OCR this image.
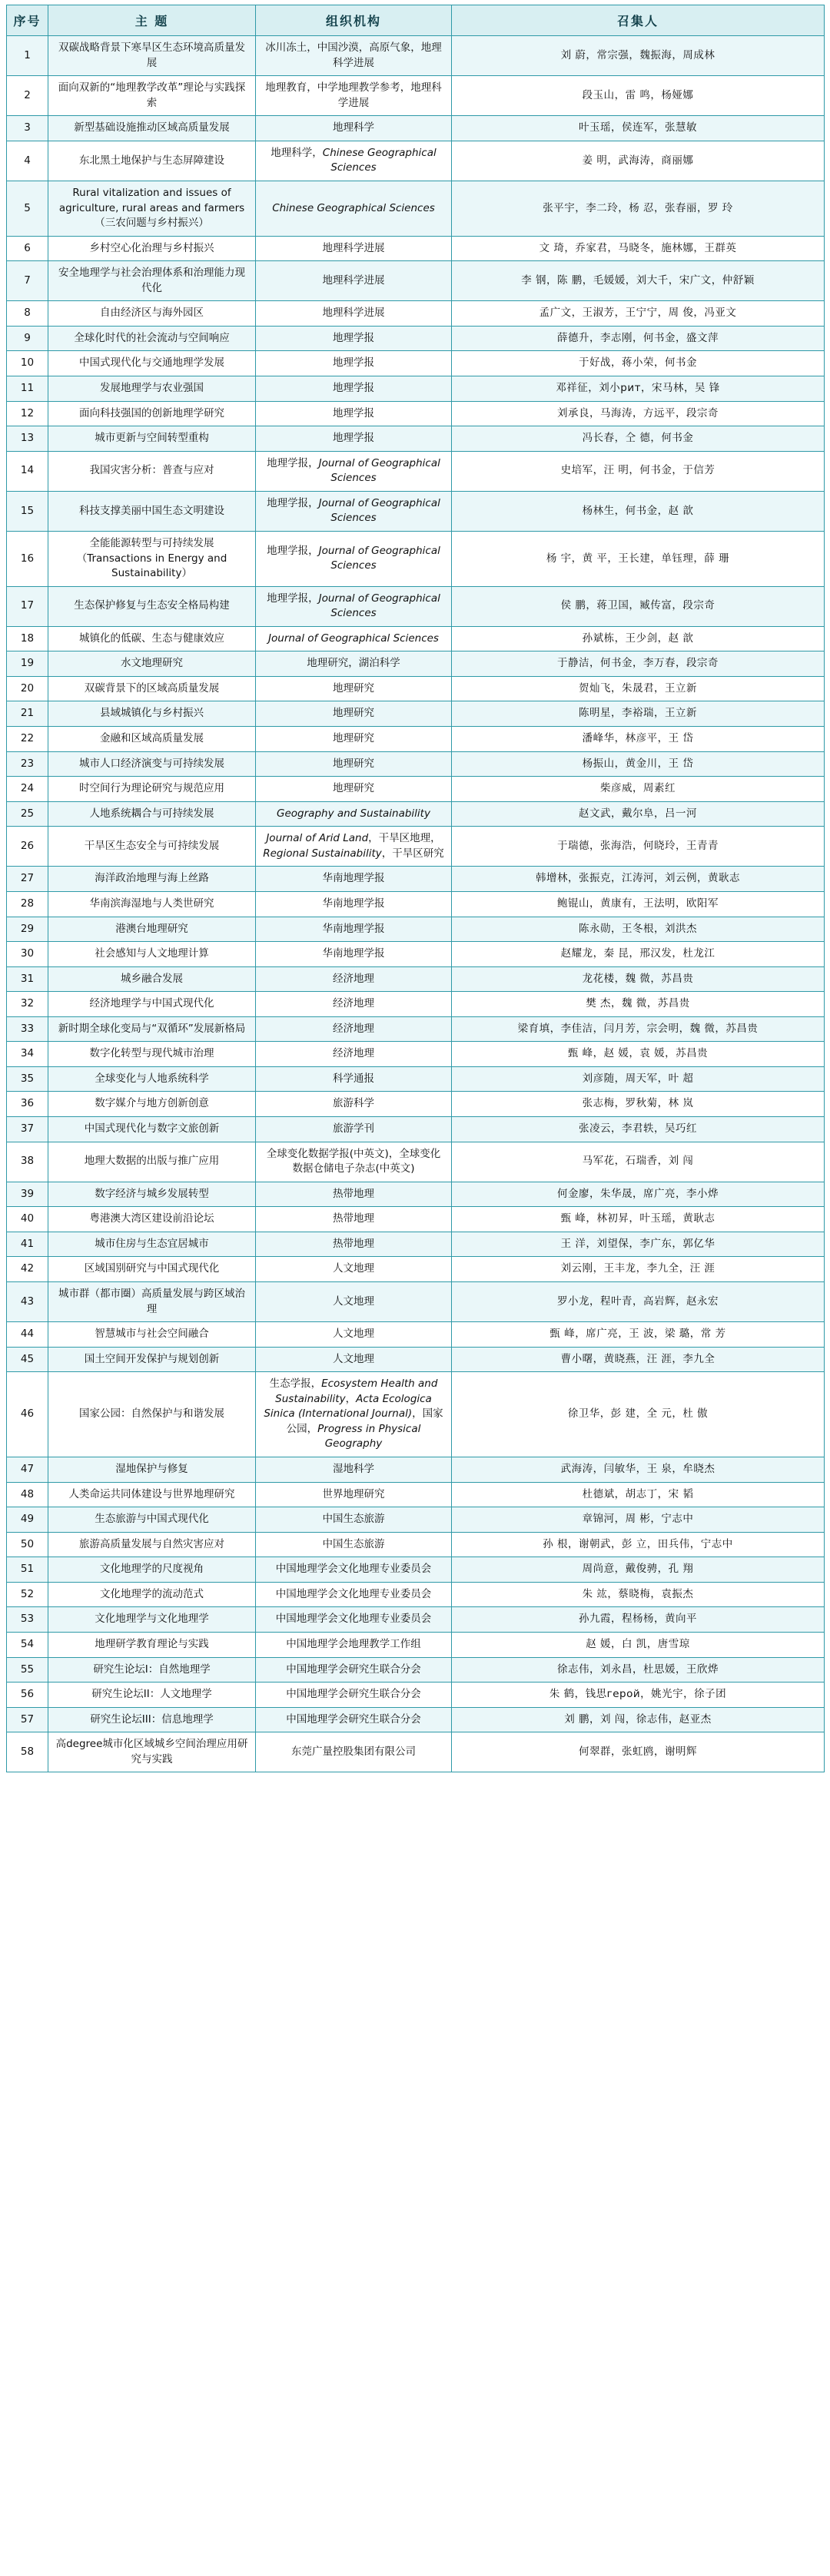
序号	主 题	组织机构	召集人
1	双碳战略背景下寒旱区生态环境高质量发展	冰川冻土，中国沙漠，高原气象，地理科学进展	刘 蔚，常宗强，魏振海，周成林
2	面向双新的“地理教学改革”理论与实践探索	地理教育，中学地理教学参考，地理科学进展	段玉山，雷 鸣，杨娅娜
3	新型基础设施推动区域高质量发展	地理科学	叶玉瑶，侯连军，张慧敏
4	东北黑土地保护与生态屏障建设	地理科学，Chinese Geographical Sciences	姜 明，武海涛，商丽娜
5	Rural vitalization and issues of agriculture, rural areas and farmers（三农问题与乡村振兴）	Chinese Geographical Sciences	张平宇，李二玲，杨 忍，张春丽，罗 玲
6	乡村空心化治理与乡村振兴	地理科学进展	文 琦，乔家君，马晓冬，施林娜，王群英
7	安全地理学与社会治理体系和治理能力现代化	地理科学进展	李 钢，陈 鹏，毛媛媛，刘大千，宋广文，仲舒颖
8	自由经济区与海外园区	地理科学进展	孟广文，王淑芳，王宁宁，周 俊，冯亚文
9	全球化时代的社会流动与空间响应	地理学报	薛德升，李志刚，何书金，盛文萍
10	中国式现代化与交通地理学发展	地理学报	于好战，蒋小荣，何书金
11	发展地理学与农业强国	地理学报	邓祥征，刘小рит，宋马林，吴 锋
12	面向科技强国的创新地理学研究	地理学报	刘承良，马海涛，方远平，段宗奇
13	城市更新与空间转型重构	地理学报	冯长春，仝 德，何书金
14	我国灾害分析：普查与应对	地理学报，Journal of Geographical Sciences	史培军，汪 明，何书金，于信芳
15	科技支撑美丽中国生态文明建设	地理学报，Journal of Geographical Sciences	杨林生，何书金，赵 歆
16	全能能源转型与可持续发展（Transactions in Energy and Sustainability）	地理学报，Journal of Geographical Sciences	杨 宇，黄 平，王长建，单钰理，薛 珊
17	生态保护修复与生态安全格局构建	地理学报，Journal of Geographical Sciences	侯 鹏，蒋卫国，臧传富，段宗奇
18	城镇化的低碳、生态与健康效应	Journal of Geographical Sciences	孙斌栋，王少剑，赵 歆
19	水文地理研究	地理研究，湖泊科学	于静洁，何书金，李万春，段宗奇
20	双碳背景下的区域高质量发展	地理研究	贺灿飞，朱晟君，王立新
21	县域城镇化与乡村振兴	地理研究	陈明星，李裕瑞，王立新
22	金融和区域高质量发展	地理研究	潘峰华，林彦平，王 岱
23	城市人口经济演变与可持续发展	地理研究	杨振山，黄金川，王 岱
24	时空间行为理论研究与规范应用	地理研究	柴彦威，周素红
25	人地系统耦合与可持续发展	Geography and Sustainability	赵文武，戴尔阜，吕一河
26	干旱区生态安全与可持续发展	Journal of Arid Land，干旱区地理，Regional Sustainability，干旱区研究	于瑞德，张海浩，何晓玲，王青青
27	海洋政治地理与海上丝路	华南地理学报	韩增林，张振克，江涛河，刘云例，黄耿志
28	华南滨海湿地与人类世研究	华南地理学报	鲍锟山，黄康有，王法明，欧阳军
29	港澳台地理研究	华南地理学报	陈永勋，王冬根，刘洪杰
30	社会感知与人文地理计算	华南地理学报	赵耀龙，秦 昆，邢汉发，杜龙江
31	城乡融合发展	经济地理	龙花楼，魏 微，苏昌贵
32	经济地理学与中国式现代化	经济地理	樊 杰，魏 微，苏昌贵
33	新时期全球化变局与“双循环”发展新格局	经济地理	梁育填，李佳洁，闫月芳，宗会明，魏 微，苏昌贵
34	数字化转型与现代城市治理	经济地理	甄 峰，赵 媛，袁 媛，苏昌贵
35	全球变化与人地系统科学	科学通报	刘彦随，周天军，叶 超
36	数字媒介与地方创新创意	旅游科学	张志梅，罗秋菊，林 岚
37	中国式现代化与数字文旅创新	旅游学刊	张凌云，李君轶，吴巧红
38	地理大数据的出版与推广应用	全球变化数据学报(中英文)，全球变化数据仓储电子杂志(中英文)	马军花，石瑞香，刘 闯
39	数字经济与城乡发展转型	热带地理	何金廖，朱华晟，席广亮，李小烨
40	粤港澳大湾区建设前沿论坛	热带地理	甄 峰，林初昇，叶玉瑶，黄耿志
41	城市住房与生态宜居城市	热带地理	王 洋，刘望保，李广东，郭亿华
42	区域国别研究与中国式现代化	人文地理	刘云刚，王丰龙，李九全，汪 涯
43	城市群（都市圈）高质量发展与跨区域治理	人文地理	罗小龙，程叶青，高岩辉，赵永宏
44	智慧城市与社会空间融合	人文地理	甄 峰，席广亮，王 波，梁 璐，常 芳
45	国土空间开发保护与规划创新	人文地理	曹小曙，黄晓燕，汪 涯，李九全
46	国家公园：自然保护与和谐发展	生态学报，Ecosystem Health and Sustainability，Acta Ecologica Sinica (International Journal)，国家公园，Progress in Physical Geography	徐卫华，彭 建，全 元，杜 傲
47	湿地保护与修复	湿地科学	武海涛，闫敏华，王 泉，牟晓杰
48	人类命运共同体建设与世界地理研究	世界地理研究	杜德斌，胡志丁，宋 韬
49	生态旅游与中国式现代化	中国生态旅游	章锦河，周 彬，宁志中
50	旅游高质量发展与自然灾害应对	中国生态旅游	孙 根，谢朝武，彭 立，田兵伟，宁志中
51	文化地理学的尺度视角	中国地理学会文化地理专业委员会	周尚意，戴俊骋，孔 翔
52	文化地理学的流动范式	中国地理学会文化地理专业委员会	朱 竑，蔡晓梅，袁振杰
53	文化地理学与文化地理学	中国地理学会文化地理专业委员会	孙九霞，程杨杨，黄向平
54	地理研学教育理论与实践	中国地理学会地理教学工作组	赵 媛，白 凯，唐雪琼
55	研究生论坛I：自然地理学	中国地理学会研究生联合分会	徐志伟，刘永昌，杜思媛，王欣烨
56	研究生论坛II：人文地理学	中国地理学会研究生联合分会	朱 鹤，钱思герой，姚光宇，徐子团
57	研究生论坛III：信息地理学	中国地理学会研究生联合分会	刘 鹏，刘 闯，徐志伟，赵亚杰
58	高degree城市化区域城乡空间治理应用研究与实践	东莞广量控股集团有限公司	何翠群，张虹鸥，谢明辉
